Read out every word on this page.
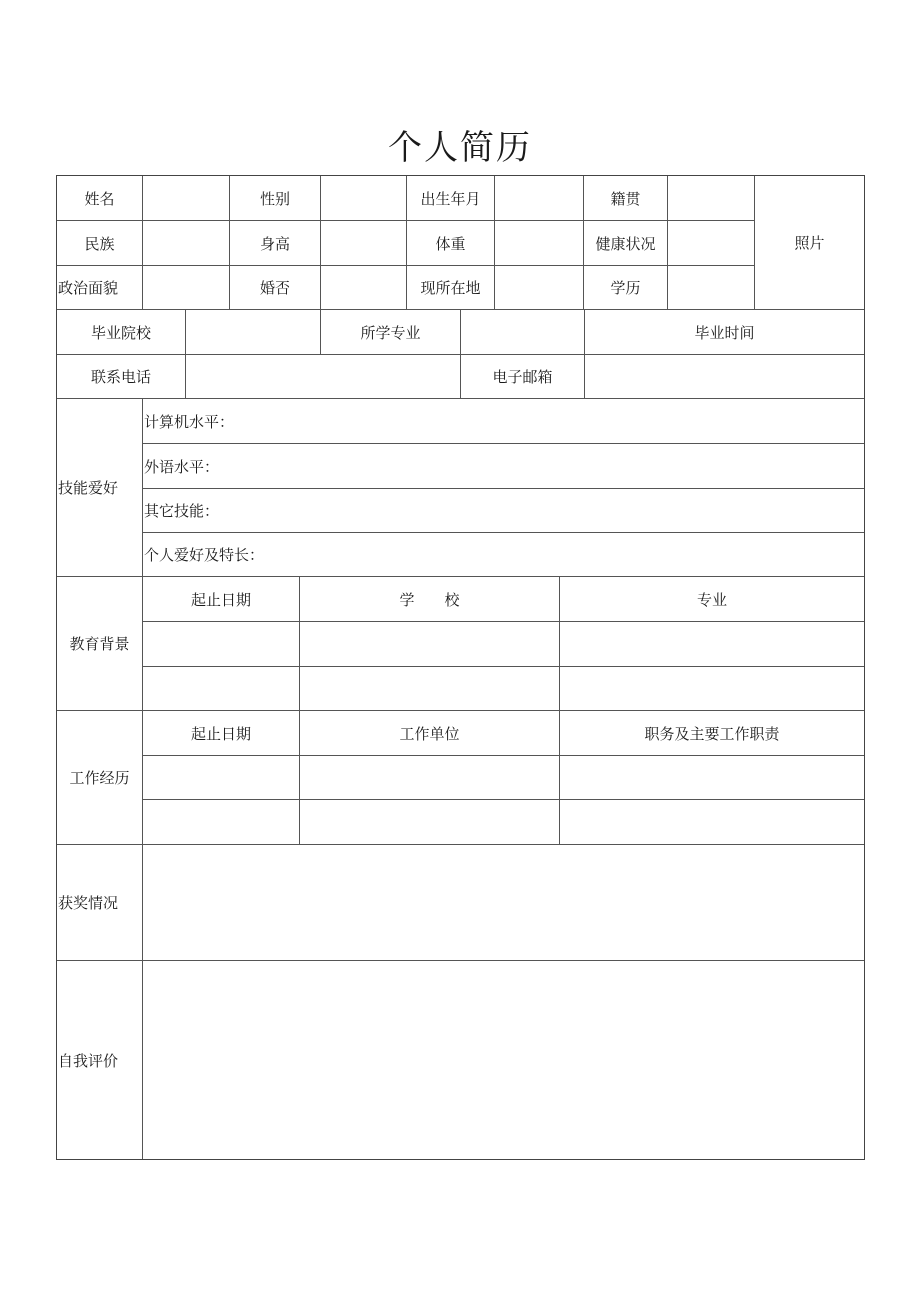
个人简历
姓名	性别	出生年月	籍贯
照片
民族	身高	体重	健康状况
政治面貌	婚否	现所在地	学历
毕业院校	所学专业	毕业时间
联系电话	电子邮箱
技能爱好
计算机水平：
外语水平：
其它技能：
个人爱好及特长：
教育背景
起止日期	学　　校	专业
工作经历
起止日期	工作单位	职务及主要工作职责
获奖情况
自我评价
